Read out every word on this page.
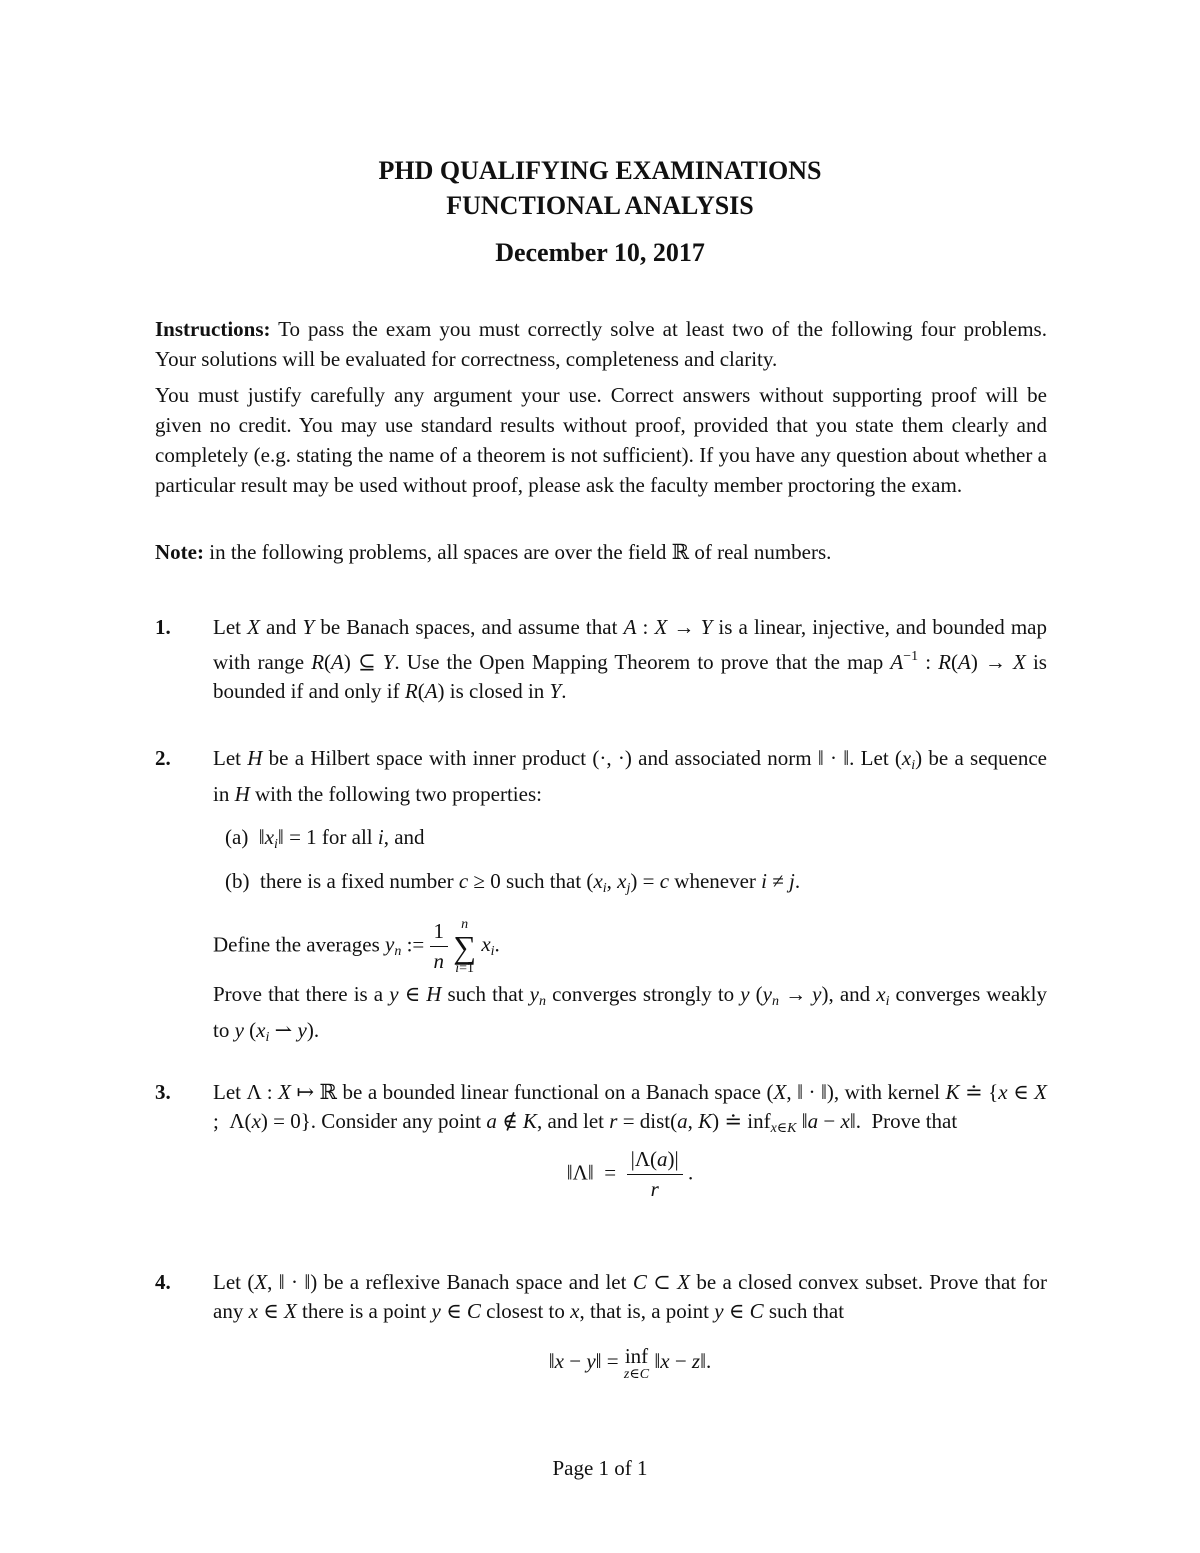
PHD QUALIFYING EXAMINATIONS
FUNCTIONAL ANALYSIS
December 10, 2017
Instructions: To pass the exam you must correctly solve at least two of the following four problems. Your solutions will be evaluated for correctness, completeness and clarity.
You must justify carefully any argument your use. Correct answers without supporting proof will be given no credit. You may use standard results without proof, provided that you state them clearly and completely (e.g. stating the name of a theorem is not sufficient). If you have any question about whether a particular result may be used without proof, please ask the faculty member proctoring the exam.
Note: in the following problems, all spaces are over the field ℝ of real numbers.
1. Let X and Y be Banach spaces, and assume that A : X → Y is a linear, injective, and bounded map with range R(A) ⊆ Y. Use the Open Mapping Theorem to prove that the map $A^{-1}$ : R(A) → X is bounded if and only if R(A) is closed in Y.
2. Let H be a Hilbert space with inner product (·, ·) and associated norm ‖ · ‖. Let $(x_i)$ be a sequence in H with the following two properties:
(a)  $‖x_i‖ = 1$ for all i, and
(b)  there is a fixed number c ≥ 0 such that ($x_i$, $x_j) = c$ whenever i ≠ j.
Define the averages $y_n$ := $\frac{1}{n}$
n
∑
i=1
$x_i$.
Prove that there is a y ∈ H such that $y_n$ converges strongly to y $(y_n \to y)$, and $x_i$ converges weakly to y ($x_i$ ⇀ y).
3. Let Λ : X ↦ ℝ be a bounded linear functional on a Banach space (X, ‖ · ‖), with kernel K ≐ {x ∈ X ;  Λ(x) = 0}. Consider any point a ∉ K, and let r = dist(a, K) ≐ inf$_{x\in K}$ ‖a − x‖.  Prove that
‖Λ‖  = $\frac{|\Lambda(a)|}{r}$ .
4. Let (X, ‖ · ‖) be a reflexive Banach space and let C ⊂ X be a closed convex subset. Prove that for any x ∈ X there is a point y ∈ C closest to x, that is, a point y ∈ C such that
‖x − y‖ = inf
z∈C
‖x − z‖.
Page 1 of 1
